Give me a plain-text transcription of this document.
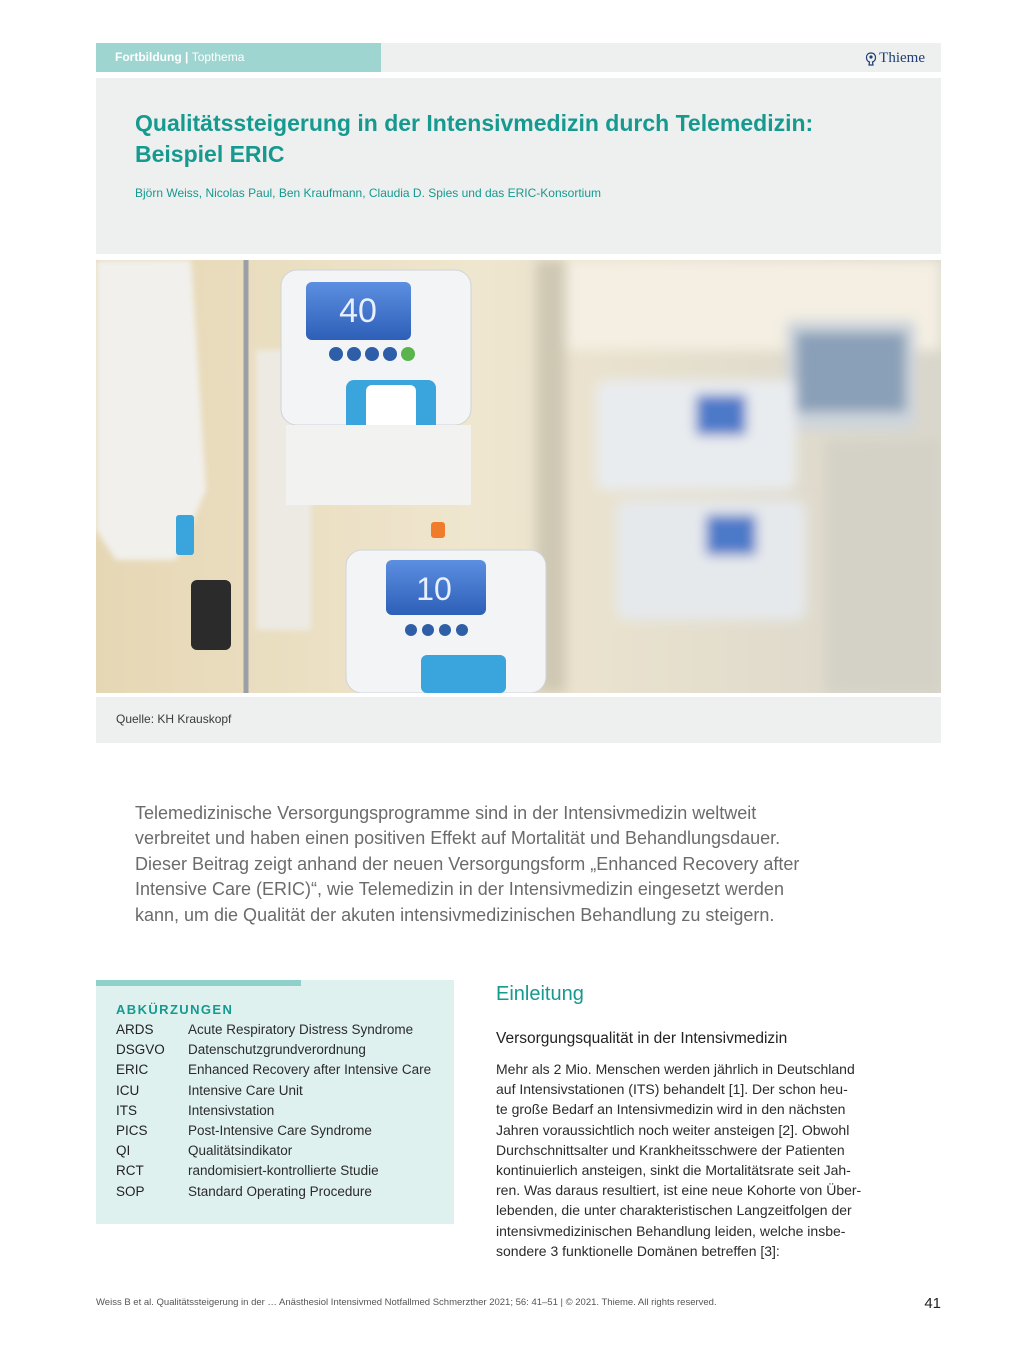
Fortbildung | Topthema	Thieme
Qualitätssteigerung in der Intensivmedizin durch Telemedizin:
Beispiel ERIC
Björn Weiss, Nicolas Paul, Ben Kraufmann, Claudia D. Spies und das ERIC-Konsortium
40
10
Quelle: KH Krauskopf

Telemedizinische Versorgungsprogramme sind in der Intensivmedizin weltweit
verbreitet und haben einen positiven Effekt auf Mortalität und Behandlungsdauer.
Dieser Beitrag zeigt anhand der neuen Versorgungsform „Enhanced Recovery after
Intensive Care (ERIC)“, wie Telemedizin in der Intensivmedizin eingesetzt werden
kann, um die Qualität der akuten intensivmedizinischen Behandlung zu steigern.

ABKÜRZUNGEN
ARDS	Acute Respiratory Distress Syndrome
DSGVO	Datenschutzgrundverordnung
ERIC	Enhanced Recovery after Intensive Care
ICU	Intensive Care Unit
ITS	Intensivstation
PICS	Post-Intensive Care Syndrome
QI	Qualitätsindikator
RCT	randomisiert-kontrollierte Studie
SOP	Standard Operating Procedure
Einleitung
Versorgungsqualität in der Intensivmedizin
Mehr als 2 Mio. Menschen werden jährlich in Deutschland
auf Intensivstationen (ITS) behandelt [1]. Der schon heu-
te große Bedarf an Intensivmedizin wird in den nächsten
Jahren voraussichtlich noch weiter ansteigen [2]. Obwohl
Durchschnittsalter und Krankheitsschwere der Patienten
kontinuierlich ansteigen, sinkt die Mortalitätsrate seit Jah-
ren. Was daraus resultiert, ist eine neue Kohorte von Über-
lebenden, die unter charakteristischen Langzeitfolgen der
intensivmedizinischen Behandlung leiden, welche insbe-
sondere 3 funktionelle Domänen betreffen [3]:
Weiss B et al. Qualitätssteigerung in der … Anästhesiol Intensivmed Notfallmed Schmerzther 2021; 56: 41–51 | © 2021. Thieme. All rights reserved.	41
